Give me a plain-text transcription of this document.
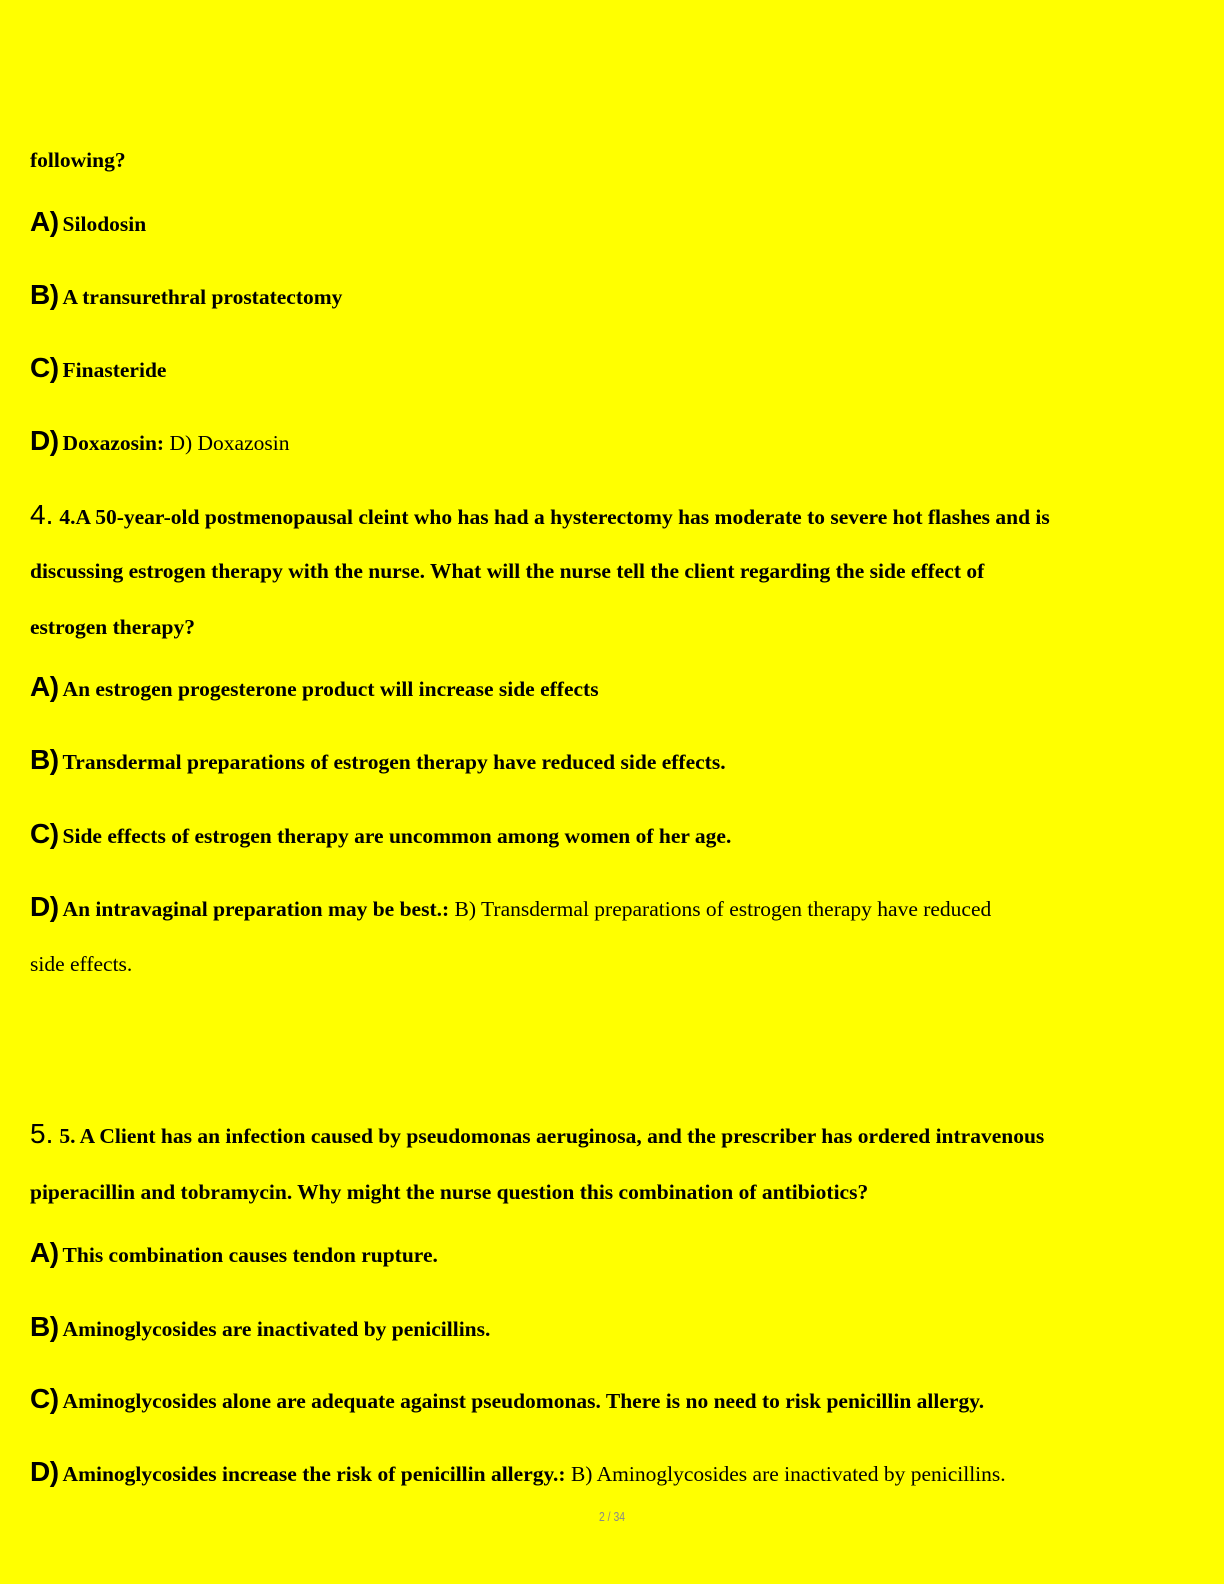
following?
A) Silodosin
B) A transurethral prostatectomy
C) Finasteride
D) Doxazosin: D) Doxazosin
4. 4.A 50-year-old postmenopausal cleint who has had a hysterectomy has moderate to severe hot flashes and is
discussing estrogen therapy with the nurse. What will the nurse tell the client regarding the side effect of
estrogen therapy?
A) An estrogen progesterone product will increase side effects
B) Transdermal preparations of estrogen therapy have reduced side effects.
C) Side effects of estrogen therapy are uncommon among women of her age.
D) An intravaginal preparation may be best.: B) Transdermal preparations of estrogen therapy have reduced
side effects.
5. 5. A Client has an infection caused by pseudomonas aeruginosa, and the prescriber has ordered intravenous
piperacillin and tobramycin. Why might the nurse question this combination of antibiotics?
A) This combination causes tendon rupture.
B) Aminoglycosides are inactivated by penicillins.
C) Aminoglycosides alone are adequate against pseudomonas. There is no need to risk penicillin allergy.
D) Aminoglycosides increase the risk of penicillin allergy.: B) Aminoglycosides are inactivated by penicillins.
2 / 34
